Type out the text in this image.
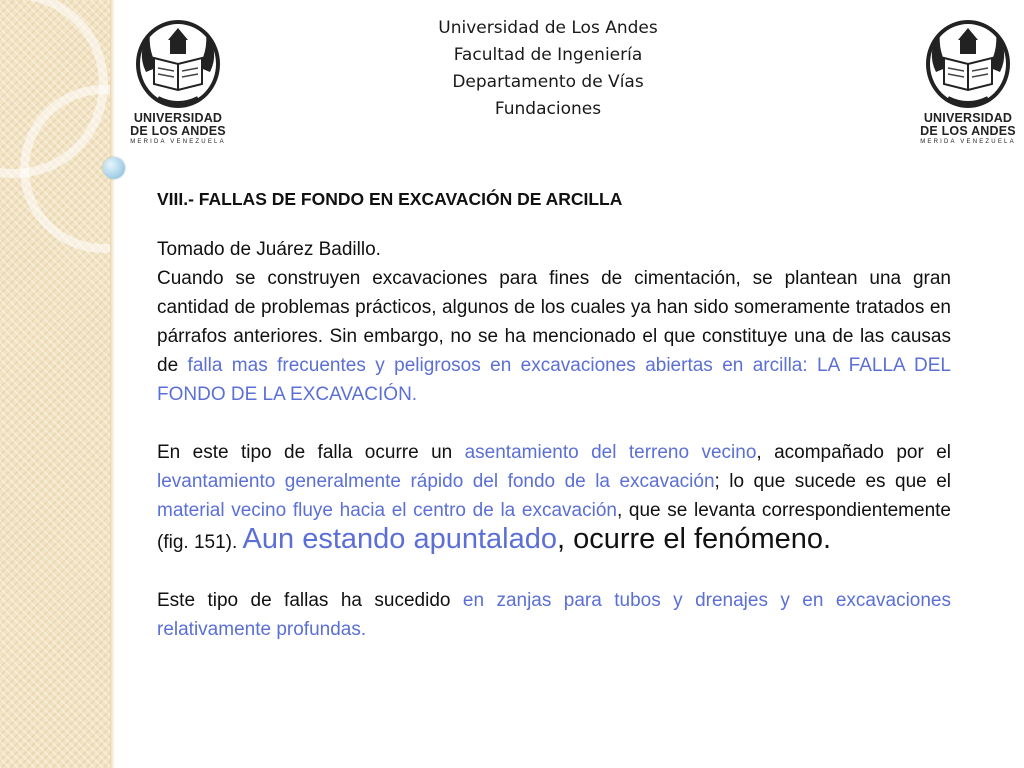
Universidad de Los Andes
Facultad de Ingeniería
Departamento de Vías
Fundaciones
UNIVERSIDAD
DE LOS ANDES
MERIDA VENEZUELA
UNIVERSIDAD
DE LOS ANDES
MERIDA VENEZUELA

VIII.- FALLAS DE FONDO EN EXCAVACIÓN DE ARCILLA

Tomado de Juárez Badillo.

Cuando se construyen excavaciones para fines de cimentación, se plantean una gran cantidad de problemas prácticos, algunos de los cuales ya han sido someramente tratados en párrafos anteriores. Sin embargo, no se ha mencionado el que constituye una de las causas de falla mas frecuentes y peligrosos en excavaciones abiertas en arcilla: LA FALLA DEL FONDO DE LA EXCAVACIÓN.

En este tipo de falla ocurre un asentamiento del terreno vecino, acompañado por el levantamiento generalmente rápido del fondo de la excavación; lo que sucede es que el material vecino fluye hacia el centro de la excavación, que se levanta correspondientemente (fig. 151). Aun estando apuntalado, ocurre el fenómeno.

Este tipo de fallas ha sucedido en zanjas para tubos y drenajes y en excavaciones relativamente profundas.
